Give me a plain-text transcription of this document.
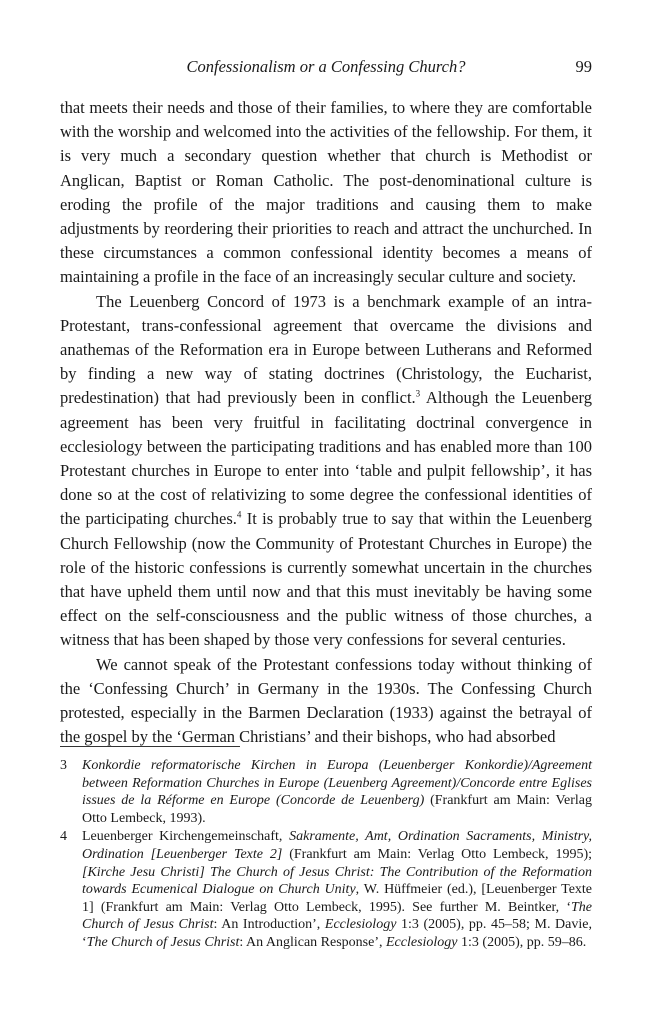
Confessionalism or a Confessing Church?	99

that meets their needs and those of their families, to where they are comfortable with the worship and welcomed into the activities of the fellowship. For them, it is very much a secondary question whether that church is Methodist or Anglican, Baptist or Roman Catholic. The post-denominational culture is eroding the profile of the major traditions and causing them to make adjustments by reordering their priorities to reach and attract the unchurched. In these circumstances a common confessional identity becomes a means of maintaining a profile in the face of an increasingly secular culture and society.

The Leuenberg Concord of 1973 is a benchmark example of an intra-Protestant, trans-confessional agreement that overcame the divisions and anathemas of the Reformation era in Europe between Lutherans and Reformed by finding a new way of stating doctrines (Christology, the Eucharist, predestination) that had previously been in conflict.$^3$ Although the Leuenberg agreement has been very fruitful in facilitating doctrinal convergence in ecclesiology between the participating traditions and has enabled more than 100 Protestant churches in Europe to enter into ‘table and pulpit fellowship’, it has done so at the cost of relativizing to some degree the confessional identities of the participating churches.$^4$ It is probably true to say that within the Leuenberg Church Fellowship (now the Community of Protestant Churches in Europe) the role of the historic confessions is currently somewhat uncertain in the churches that have upheld them until now and that this must inevitably be having some effect on the self-consciousness and the public witness of those churches, a witness that has been shaped by those very confessions for several centuries.

We cannot speak of the Protestant confessions today without thinking of the ‘Confessing Church’ in Germany in the 1930s. The Confessing Church protested, especially in the Barmen Declaration (1933) against the betrayal of the gospel by the ‘German Christians’ and their bishops, who had absorbed

3 Konkordie reformatorische Kirchen in Europa (Leuenberger Konkordie)/Agreement between Reformation Churches in Europe (Leuenberg Agreement)/Concorde entre Eglises issues de la Réforme en Europe (Concorde de Leuenberg) (Frankfurt am Main: Verlag Otto Lembeck, 1993).
4 Leuenberger Kirchengemeinschaft, Sakramente, Amt, Ordination Sacraments, Ministry, Ordination [Leuenberger Texte 2] (Frankfurt am Main: Verlag Otto Lembeck, 1995); [Kirche Jesu Christi] The Church of Jesus Christ: The Contribution of the Reformation towards Ecumenical Dialogue on Church Unity, W. Hüffmeier (ed.), [Leuenberger Texte 1] (Frankfurt am Main: Verlag Otto Lembeck, 1995). See further M. Beintker, ‘The Church of Jesus Christ: An Introduction’, Ecclesiology 1:3 (2005), pp. 45–58; M. Davie, ‘The Church of Jesus Christ: An Anglican Response’, Ecclesiology 1:3 (2005), pp. 59–86.
